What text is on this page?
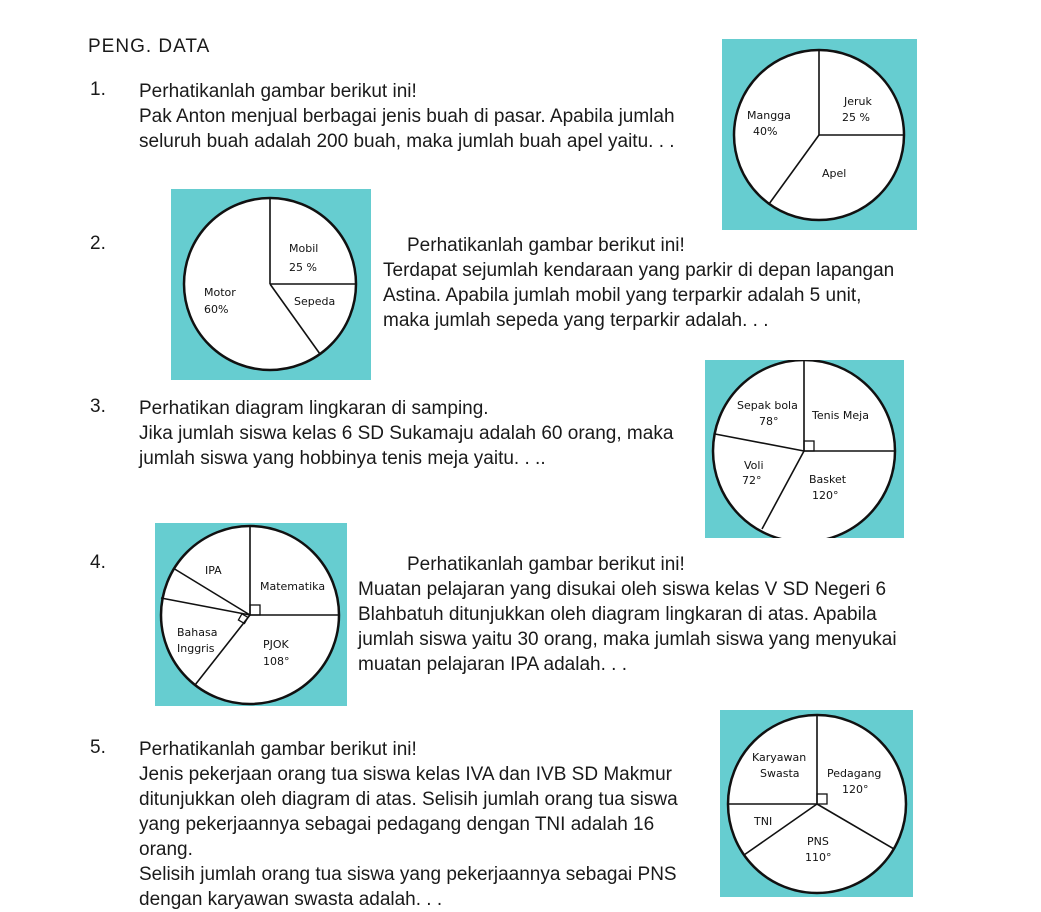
PENG. DATA
1. Perhatikanlah gambar berikut ini!

Pak Anton menjual berbagai jenis buah di pasar. Apabila jumlah

seluruh buah adalah 200 buah, maka jumlah buah apel yaitu. . .

Mangga
40%
Jeruk
25 %
Apel
2.	Mobil
25 %
Sepeda
Motor
60%

Perhatikanlah gambar berikut ini!

Terdapat sejumlah kendaraan yang parkir di depan lapangan

Astina. Apabila jumlah mobil yang terparkir adalah 5 unit,

maka jumlah sepeda yang terparkir adalah. . .

3. Perhatikan diagram lingkaran di samping.

Jika jumlah siswa kelas 6 SD Sukamaju adalah 60 orang, maka

jumlah siswa yang hobbinya tenis meja yaitu. . ..

Sepak bola
78°	Tenis Meja
Basket
120°
Voli
72°
4.	IPA
Matematika
PJOK
108°
Bahasa
Inggris

Perhatikanlah gambar berikut ini!

Muatan pelajaran yang disukai oleh siswa kelas V SD Negeri 6

Blahbatuh ditunjukkan oleh diagram lingkaran di atas. Apabila

jumlah siswa yaitu 30 orang, maka jumlah siswa yang menyukai

muatan pelajaran IPA adalah. . .

5. Perhatikanlah gambar berikut ini!

Jenis pekerjaan orang tua siswa kelas IVA dan IVB SD Makmur

ditunjukkan oleh diagram di atas. Selisih jumlah orang tua siswa

yang pekerjaannya sebagai pedagang dengan TNI adalah 16 orang.

Selisih jumlah orang tua siswa yang pekerjaannya sebagai PNS

dengan karyawan swasta adalah. . .

Karyawan
Swasta Pedagang
120°
PNS
110°
TNI
